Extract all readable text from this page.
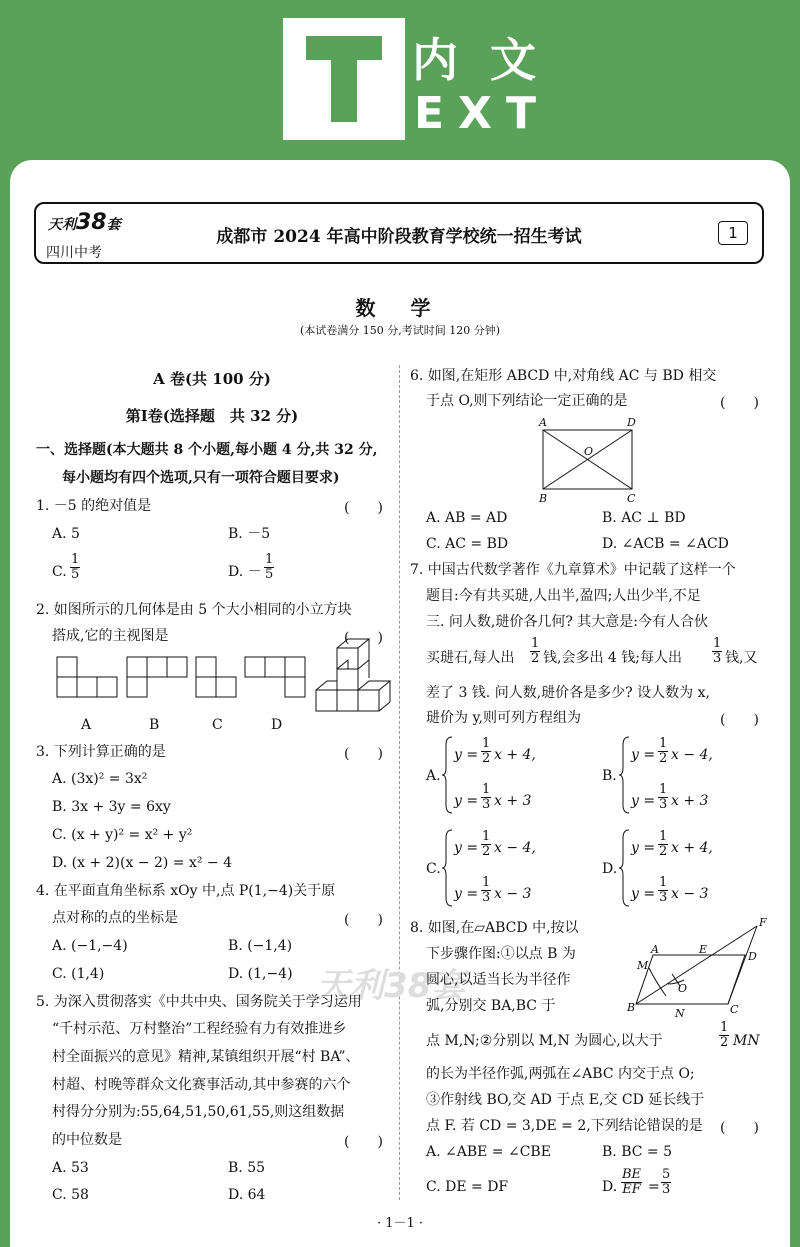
内 文
EXT
天利38套
四川中考
成都市 2024 年高中阶段教育学校统一招生考试	1
数 学
(本试卷满分 150 分,考试时间 120 分钟)
A 卷(共 100 分)
第Ⅰ卷(选择题　共 32 分)
一、选择题(本大题共 8 个小题,每小题 4 分,共 32 分,
每小题均有四个选项,只有一项符合题目要求)
1. －5 的绝对值是	(　　)
A. 5	B. －5
C. $\frac{1}{5}$	D. － $\frac{1}{5}$
2. 如图所示的几何体是由 5 个大小相同的小立方块
搭成,它的主视图是	(　　)
A	B	C	D
3. 下列计算正确的是	(　　)
A. (3x)² = 3x²
B. 3x + 3y = 6xy
C. (x + y)² = x² + y²
D. (x + 2)(x − 2) = x² − 4
4. 在平面直角坐标系 xOy 中,点 P(1,−4)关于原
点对称的点的坐标是	(　　)
A. (−1,−4)	B. (−1,4)
C. (1,4)	D. (1,−4) 天利38套
5. 为深入贯彻落实《中共中央、国务院关于学习运用
“千村示范、万村整治”工程经验有力有效推进乡
村全面振兴的意见》精神,某镇组织开展“村 BA”、
村超、村晚等群众文化赛事活动,其中参赛的六个
村得分分别为:55,64,51,50,61,55,则这组数据
的中位数是	(　　)
A. 53	B. 55
C. 58	D. 64
6. 如图,在矩形 ABCD 中,对角线 AC 与 BD 相交
于点 O,则下列结论一定正确的是	(　　)
A	D
O
B	C
A. AB = AD	B. AC ⊥ BD
C. AC = BD	D. ∠ACB = ∠ACD
7. 中国古代数学著作《九章算术》中记载了这样一个
题目:今有共买琎,人出半,盈四;人出少半,不足
三. 问人数,琎价各几何? 其大意是:今有人合伙
买琎石,每人出 $\frac{1}{2}$ 钱,会多出 4 钱;每人出 $\frac{1}{3}$ 钱,又
差了 3 钱. 问人数,琎价各是多少? 设人数为 x,
琎价为 y,则可列方程组为	(　　)
A.
$y = \frac{1}{2}$ x + 4,
$y = \frac{1}{3}$ x + 3
B.
$y = \frac{1}{2}$ x − 4,
$y = \frac{1}{3}$ x + 3
C.
$y = \frac{1}{2}$ x − 4,
$y = \frac{1}{3}$ x − 3
D.
$y = \frac{1}{2}$ x + 4,
$y = \frac{1}{3}$ x − 3
8. 如图,在▱ABCD 中,按以
下步骤作图:①以点 B 为
圆心,以适当长为半径作
弧,分别交 BA,BC 于
点 M,N;②分别以 M,N 为圆心,以大于	$\frac{1}{2}$ MN
的长为半径作弧,两弧在∠ABC 内交于点 O;
③作射线 BO,交 AD 于点 E,交 CD 延长线于
点 F. 若 CD = 3,DE = 2,下列结论错误的是 (　　)
F
A	E
D
M
O
B	N	C
A. ∠ABE = ∠CBE	B. BC = 5
C. DE = DF	D. $\frac{BE}{EF} = \frac{5}{3}$
· 1－1 ·
